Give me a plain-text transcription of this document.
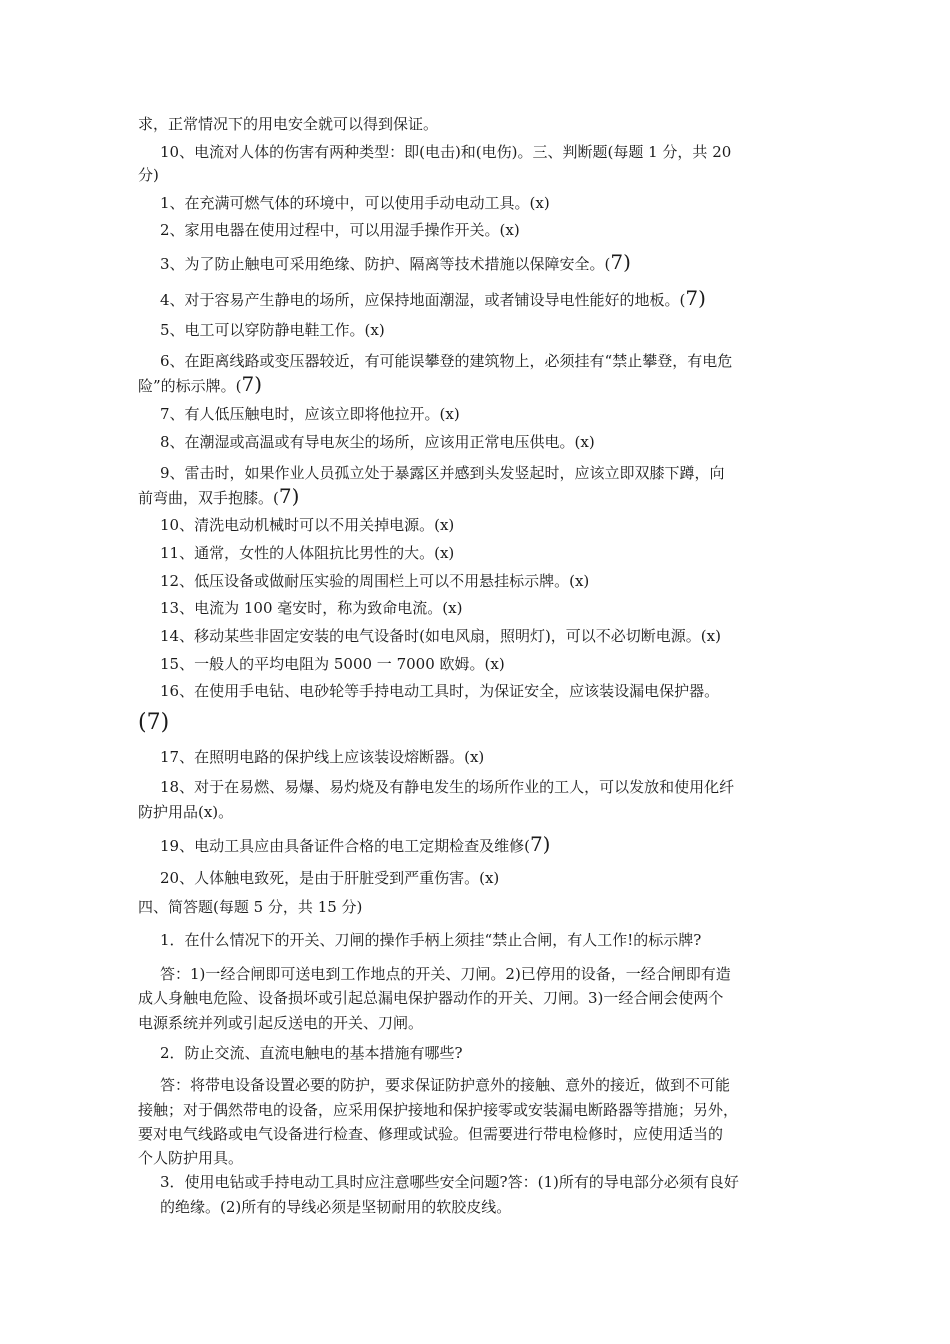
求，正常情况下的用电安全就可以得到保证。
10、电流对人体的伤害有两种类型：即(电击)和(电伤)。三、判断题(每题 1 分，共 20
分)
1、在充满可燃气体的环境中，可以使用手动电动工具。(x)
2、家用电器在使用过程中，可以用湿手操作开关。(x)
3、为了防止触电可采用绝缘、防护、隔离等技术措施以保障安全。(7)
4、对于容易产生静电的场所，应保持地面潮湿，或者铺设导电性能好的地板。(7)
5、电工可以穿防静电鞋工作。(x)
6、在距离线路或变压器较近，有可能误攀登的建筑物上，必须挂有“禁止攀登，有电危
险”的标示牌。(7)
7、有人低压触电时，应该立即将他拉开。(x)
8、在潮湿或高温或有导电灰尘的场所，应该用正常电压供电。(x)
9、雷击时，如果作业人员孤立处于暴露区并感到头发竖起时，应该立即双膝下蹲，向
前弯曲，双手抱膝。(7)
10、清洗电动机械时可以不用关掉电源。(x)
11、通常，女性的人体阻抗比男性的大。(x)
12、低压设备或做耐压实验的周围栏上可以不用悬挂标示牌。(x)
13、电流为 100 毫安时，称为致命电流。(x)
14、移动某些非固定安装的电气设备时(如电风扇，照明灯)，可以不必切断电源。(x)
15、一般人的平均电阻为 5000 一 7000 欧姆。(x)
16、在使用手电钻、电砂轮等手持电动工具时，为保证安全，应该装设漏电保护器。
(7)
17、在照明电路的保护线上应该装设熔断器。(x)
18、对于在易燃、易爆、易灼烧及有静电发生的场所作业的工人，可以发放和使用化纤
防护用品(x)。
19、电动工具应由具备证件合格的电工定期检查及维修(7)
20、人体触电致死，是由于肝脏受到严重伤害。(x)
四、简答题(每题 5 分，共 15 分)
1．在什么情况下的开关、刀闸的操作手柄上须挂“禁止合闸，有人工作!的标示牌?
答：1)一经合闸即可送电到工作地点的开关、刀闸。2)已停用的设备，一经合闸即有造
成人身触电危险、设备损坏或引起总漏电保护器动作的开关、刀闸。3)一经合闸会使两个
电源系统并列或引起反送电的开关、刀闸。
2．防止交流、直流电触电的基本措施有哪些?
答：将带电设备设置必要的防护，要求保证防护意外的接触、意外的接近，做到不可能
接触；对于偶然带电的设备，应采用保护接地和保护接零或安装漏电断路器等措施；另外，
要对电气线路或电气设备进行检查、修理或试验。但需要进行带电检修时，应使用适当的
个人防护用具。
3．使用电钻或手持电动工具时应注意哪些安全问题?答：(1)所有的导电部分必须有良好
的绝缘。(2)所有的导线必须是坚韧耐用的软胶皮线。
